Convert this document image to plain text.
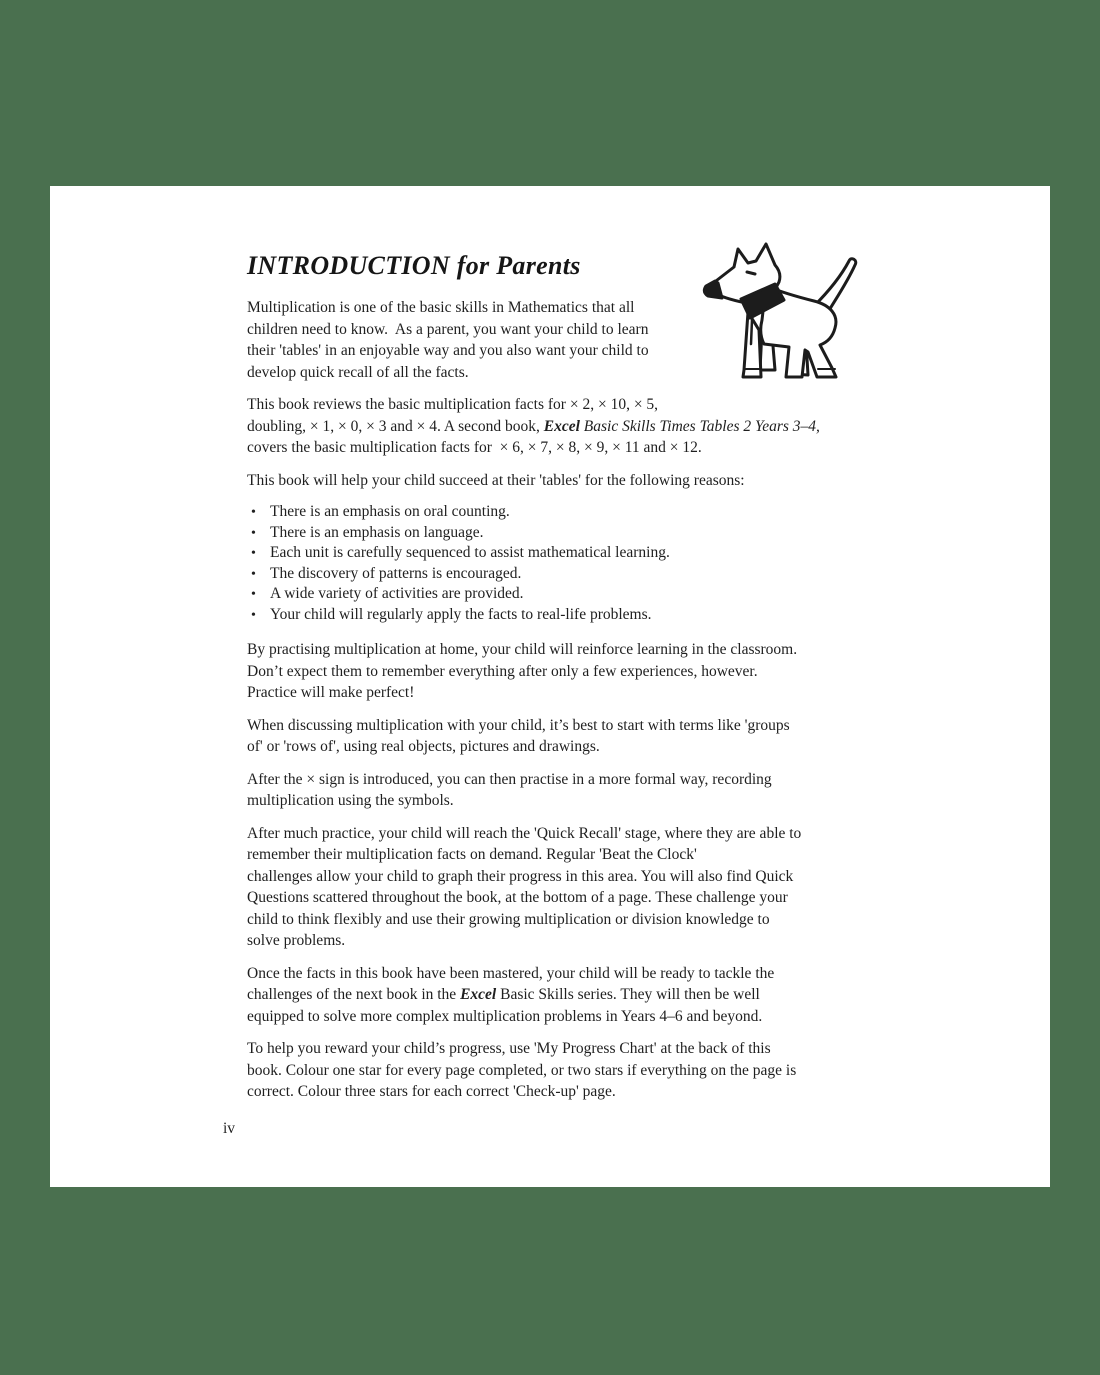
INTRODUCTION for Parents
Multiplication is one of the basic skills in Mathematics that all
children need to know.  As a parent, you want your child to learn
their 'tables' in an enjoyable way and you also want your child to
develop quick recall of all the facts.
This book reviews the basic multiplication facts for × 2, × 10, × 5,
doubling, × 1, × 0, × 3 and × 4. A second book, Excel Basic Skills Times Tables 2 Years 3–4,
covers the basic multiplication facts for  × 6, × 7, × 8, × 9, × 11 and × 12.
This book will help your child succeed at their 'tables' for the following reasons:
• There is an emphasis on oral counting.
• There is an emphasis on language.
• Each unit is carefully sequenced to assist mathematical learning.
• The discovery of patterns is encouraged.
• A wide variety of activities are provided.
• Your child will regularly apply the facts to real-life problems.
By practising multiplication at home, your child will reinforce learning in the classroom.
Don’t expect them to remember everything after only a few experiences, however.
Practice will make perfect!
When discussing multiplication with your child, it’s best to start with terms like 'groups
of' or 'rows of', using real objects, pictures and drawings.
After the × sign is introduced, you can then practise in a more formal way, recording
multiplication using the symbols.
After much practice, your child will reach the 'Quick Recall' stage, where they are able to
remember their multiplication facts on demand. Regular 'Beat the Clock'
challenges allow your child to graph their progress in this area. You will also find Quick
Questions scattered throughout the book, at the bottom of a page. These challenge your
child to think flexibly and use their growing multiplication or division knowledge to
solve problems.
Once the facts in this book have been mastered, your child will be ready to tackle the
challenges of the next book in the Excel Basic Skills series. They will then be well
equipped to solve more complex multiplication problems in Years 4–6 and beyond.
To help you reward your child’s progress, use 'My Progress Chart' at the back of this
book. Colour one star for every page completed, or two stars if everything on the page is
correct. Colour three stars for each correct 'Check-up' page.
iv
